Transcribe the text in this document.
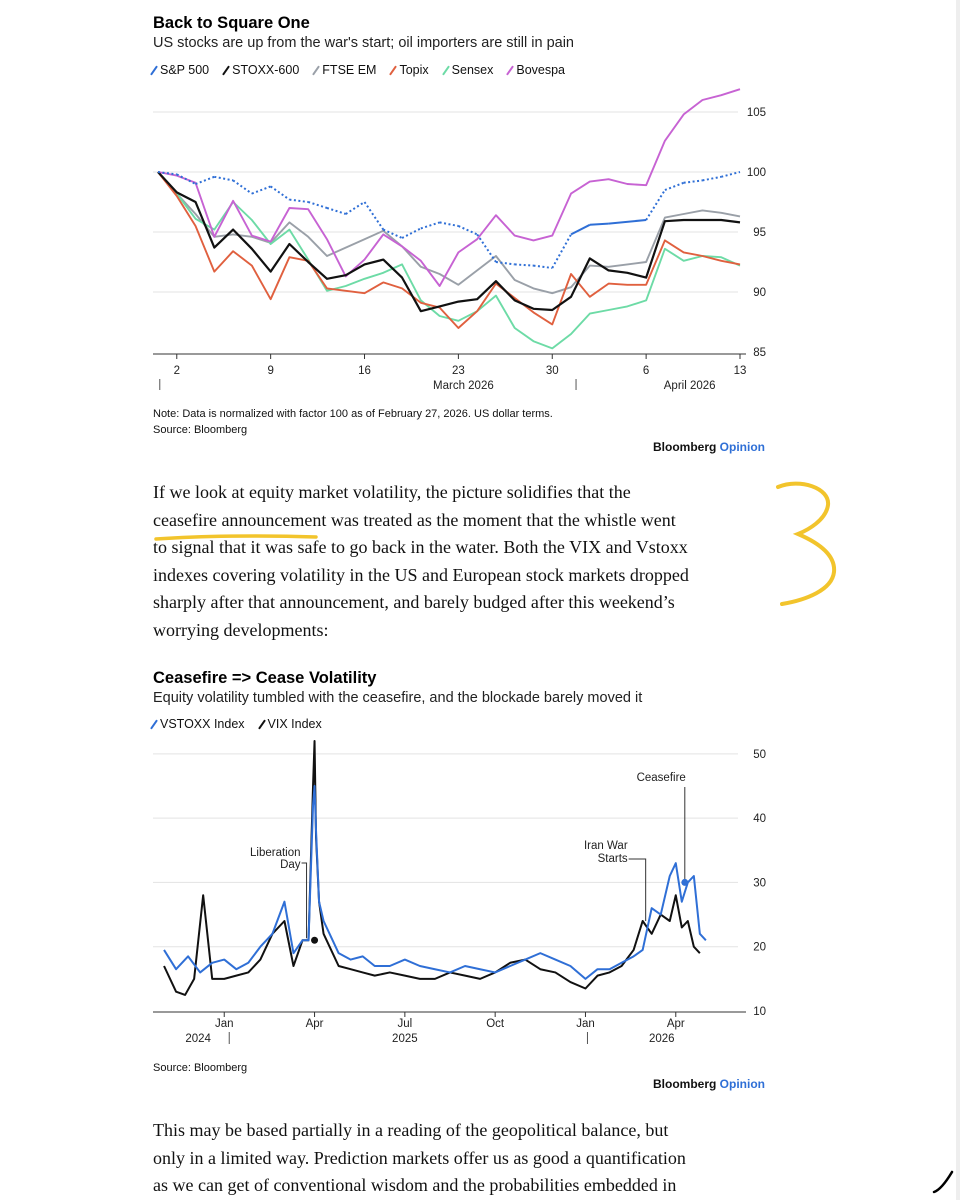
Back to Square One

US stocks are up from the war's start; oil importers are still in pain

S&P 500 STOXX-600 FTSE EM Topix Sensex Bovespa
85
90
95
100
105
2	9	16	23	30	6	13
March 2026	April 2026
Note: Data is normalized with factor 100 as of February 27, 2026. US dollar terms.
Source: Bloomberg
Bloomberg Opinion
If we look at equity market volatility, the picture solidifies that the
ceasefire announcement was treated as the moment that the whistle went
to signal that it was safe to go back in the water. Both the VIX and Vstoxx
indexes covering volatility in the US and European stock markets dropped
sharply after that announcement, and barely budged after this weekend’s
worrying developments:

Ceasefire => Cease Volatility

Equity volatility tumbled with the ceasefire, and the blockade barely moved it

VSTOXX Index VIX Index
10
20
30
40
50
Jan	Apr	Jul	Oct	Jan	Apr
2024	2025	2026
Liberation
Day
Iran War
Starts
Ceasefire
Source: Bloomberg
Bloomberg Opinion
This may be based partially in a reading of the geopolitical balance, but
only in a limited way. Prediction markets offer us as good a quantification
as we can get of conventional wisdom and the probabilities embedded in
